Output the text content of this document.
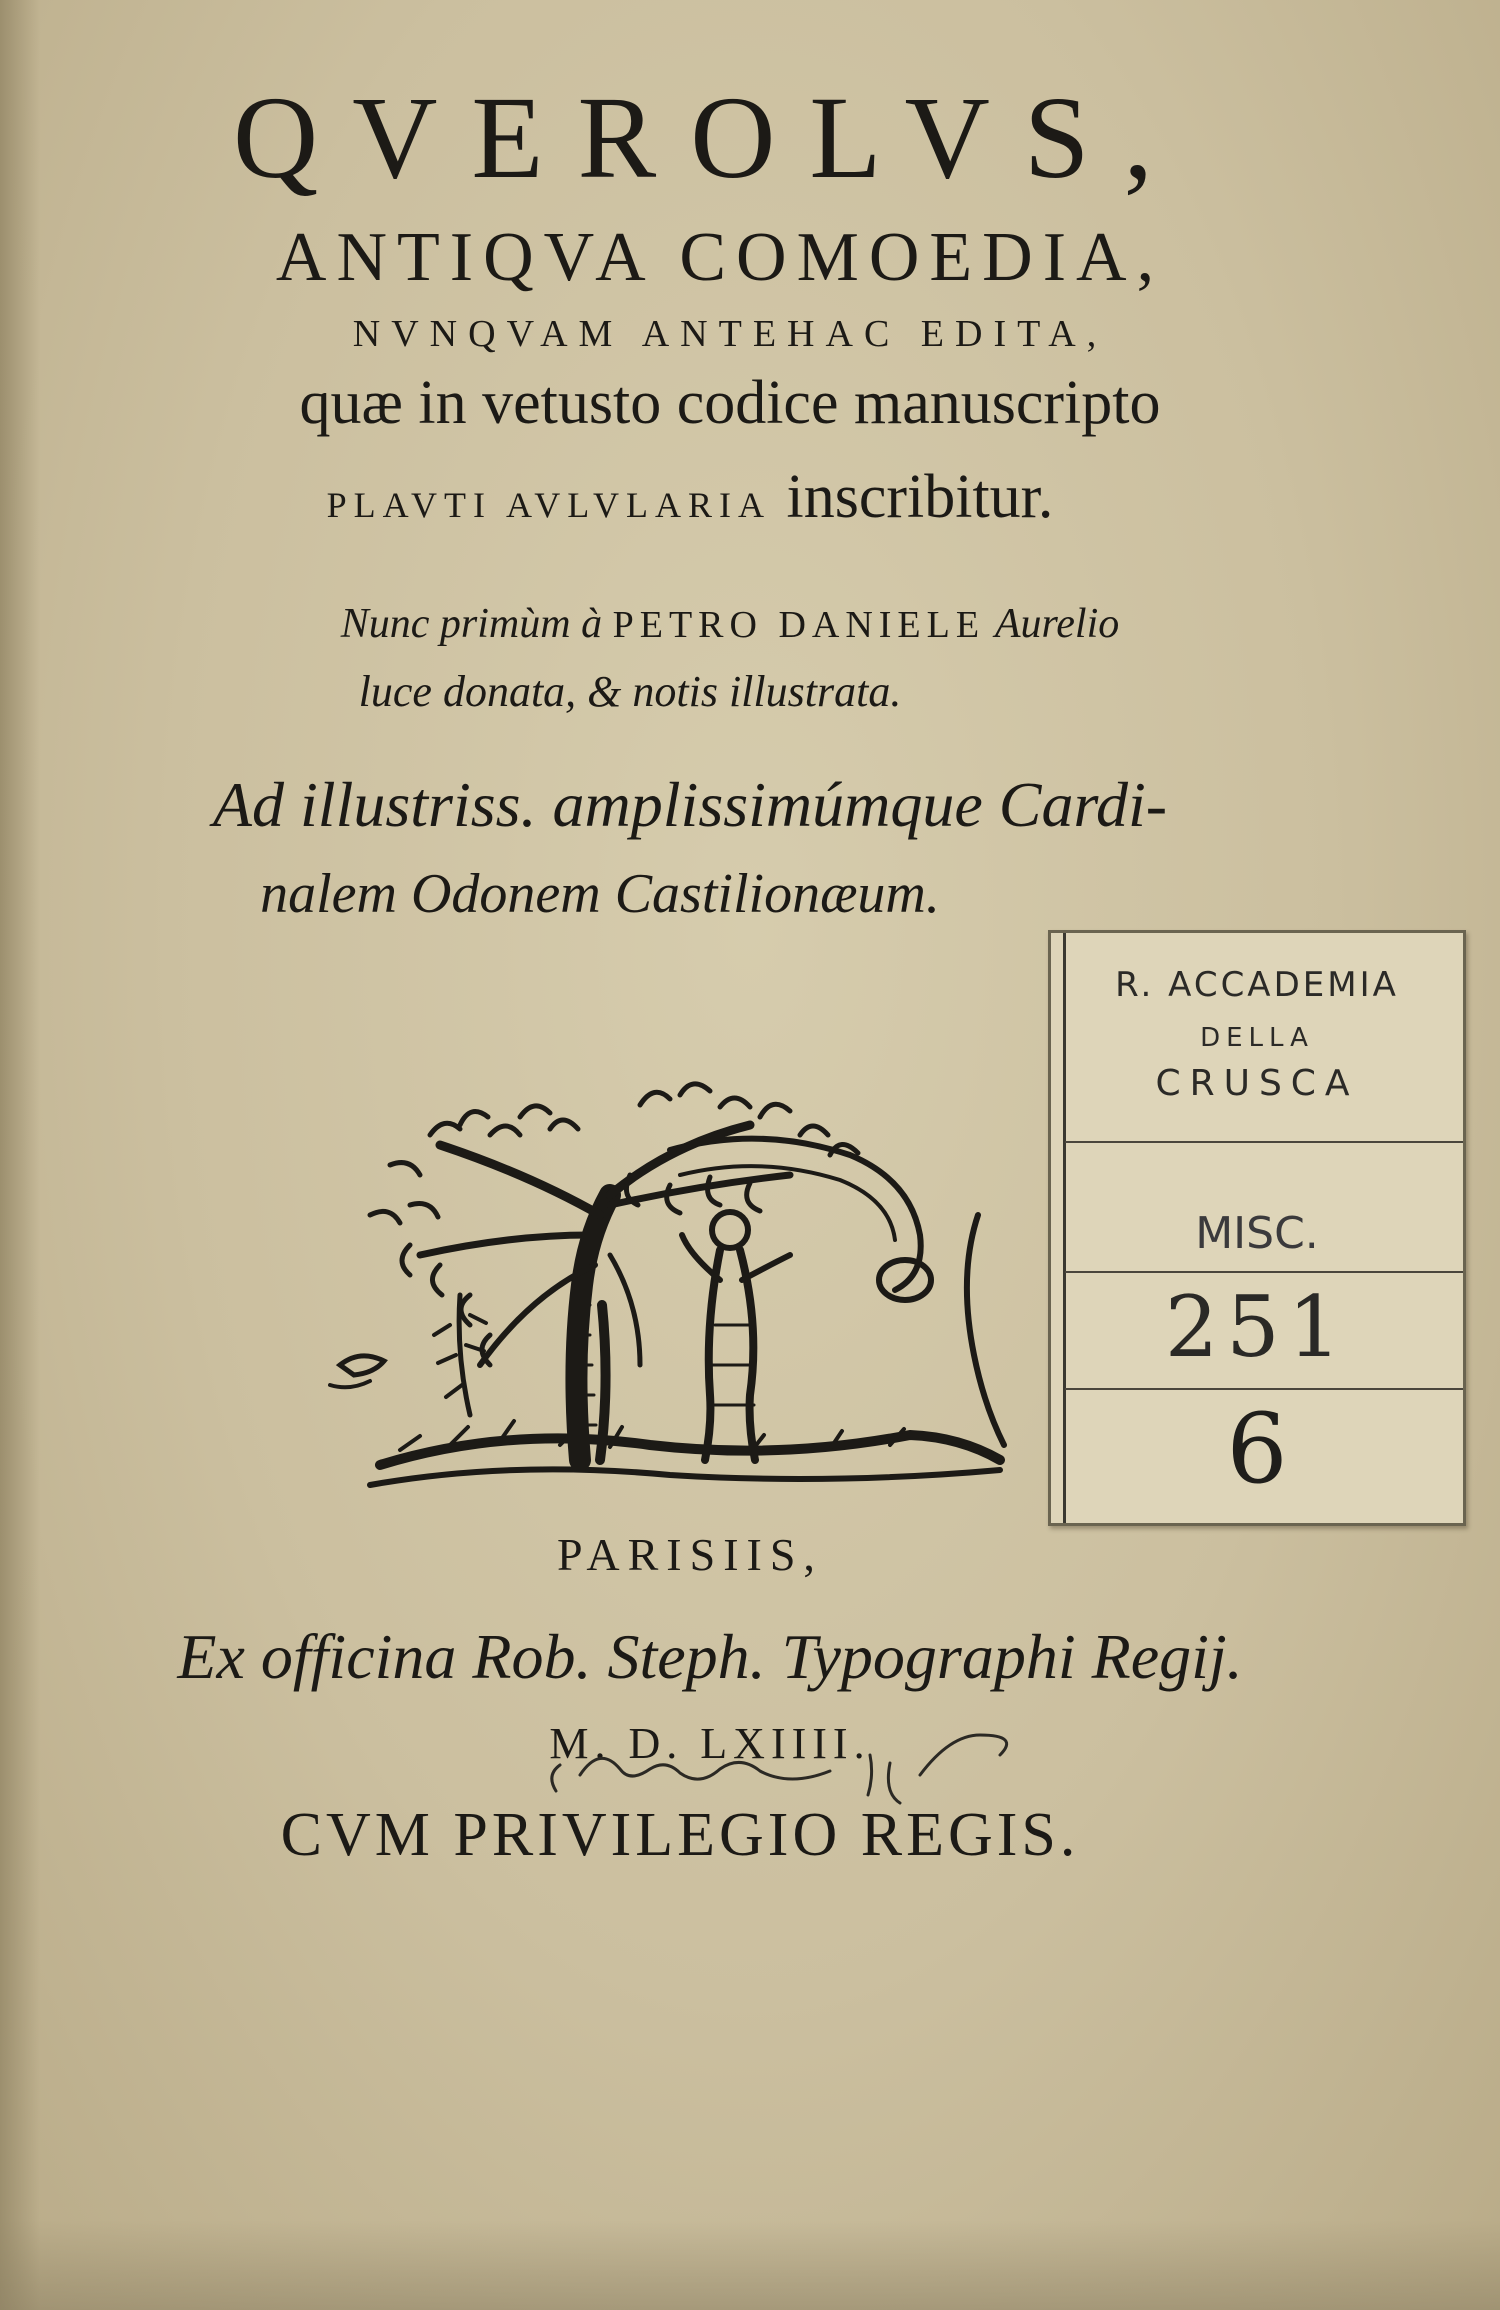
QVEROLVS,
ANTIQVA COMOEDIA,
NVNQVAM ANTEHAC EDITA,
quæ in vetusto codice manuscripto
PLAVTI AVLVLARIA inscribitur.
Nunc primùm à PETRO DANIELE Aurelio
luce donata, & notis illustrata.
Ad illustriss. amplissimúmque Cardi-
nalem Odonem Castilionæum.
R. ACCADEMIA
DELLA
CRUSCA
MISC.
251
6
PARISIIS,
Ex officina Rob. Steph. Typographi Regij.
M. D. LXIIII.
CVM PRIVILEGIO REGIS.
